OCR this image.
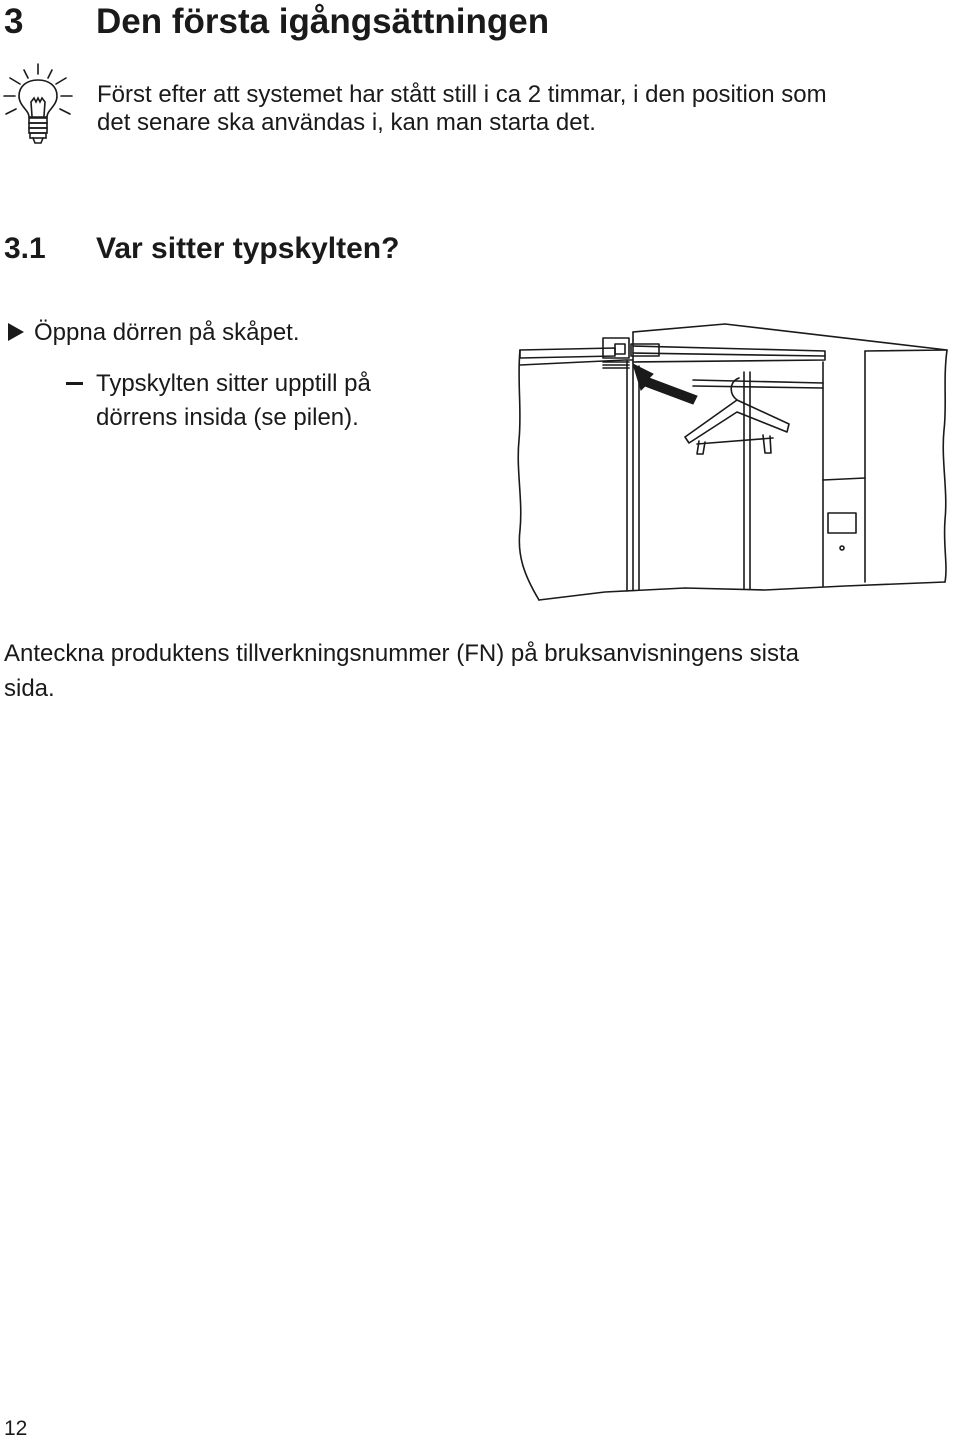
3 Den första igångsättningen
Först efter att systemet har stått still i ca 2 timmar, i den position som
det senare ska användas i, kan man starta det.
3.1 Var sitter typskylten?
Öppna dörren på skåpet.
Typskylten sitter upptill på
dörrens insida (se pilen).
Anteckna produktens tillverkningsnummer (FN) på bruksanvisningens sista
sida.
12
